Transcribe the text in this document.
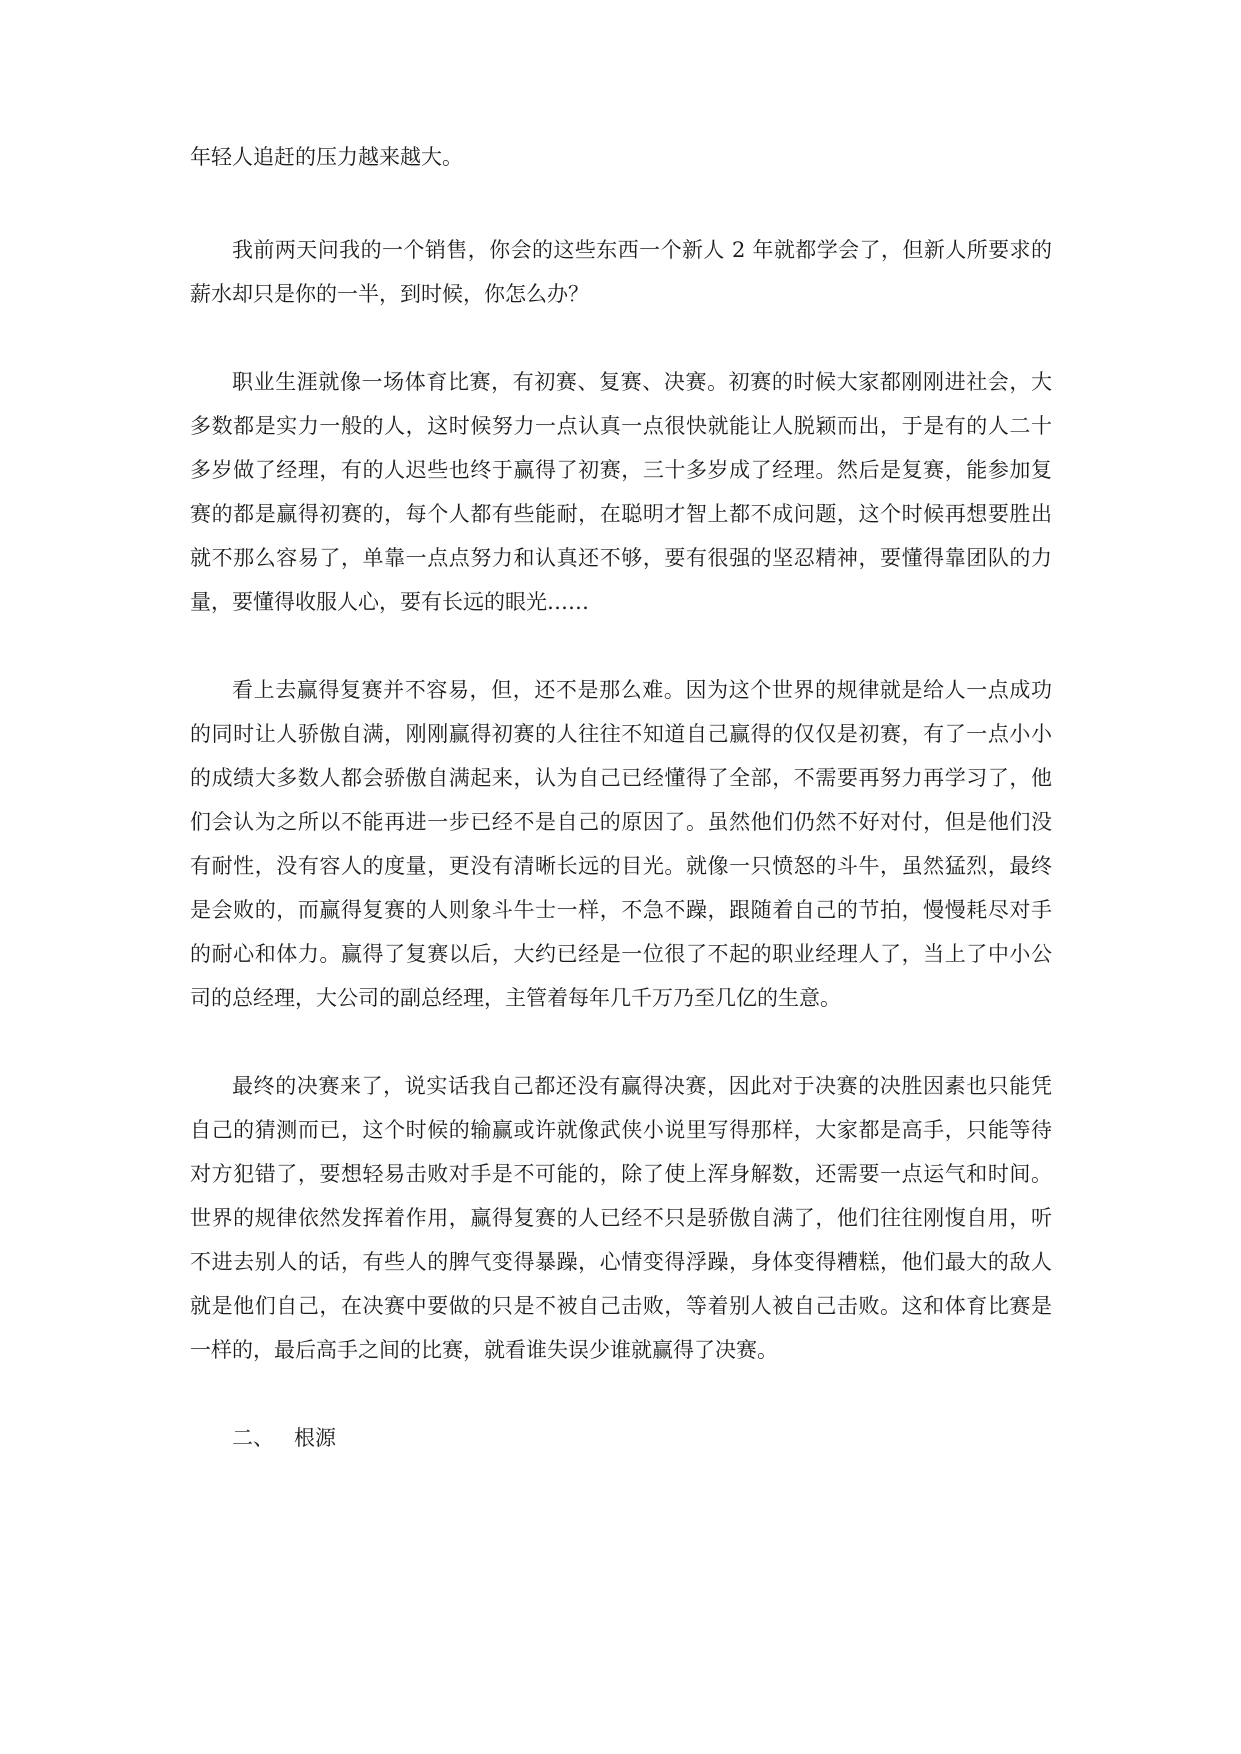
年轻人追赶的压力越来越大。
我前两天问我的一个销售，你会的这些东西一个新人 2 年就都学会了，但新人所要求的
薪水却只是你的一半，到时候，你怎么办？
职业生涯就像一场体育比赛，有初赛、复赛、决赛。初赛的时候大家都刚刚进社会，大
多数都是实力一般的人，这时候努力一点认真一点很快就能让人脱颖而出，于是有的人二十
多岁做了经理，有的人迟些也终于赢得了初赛，三十多岁成了经理。然后是复赛，能参加复
赛的都是赢得初赛的，每个人都有些能耐，在聪明才智上都不成问题，这个时候再想要胜出
就不那么容易了，单靠一点点努力和认真还不够，要有很强的坚忍精神，要懂得靠团队的力
量，要懂得收服人心，要有长远的眼光……
看上去赢得复赛并不容易，但，还不是那么难。因为这个世界的规律就是给人一点成功
的同时让人骄傲自满，刚刚赢得初赛的人往往不知道自己赢得的仅仅是初赛，有了一点小小
的成绩大多数人都会骄傲自满起来，认为自己已经懂得了全部，不需要再努力再学习了，他
们会认为之所以不能再进一步已经不是自己的原因了。虽然他们仍然不好对付，但是他们没
有耐性，没有容人的度量，更没有清晰长远的目光。就像一只愤怒的斗牛，虽然猛烈，最终
是会败的，而赢得复赛的人则象斗牛士一样，不急不躁，跟随着自己的节拍，慢慢耗尽对手
的耐心和体力。赢得了复赛以后，大约已经是一位很了不起的职业经理人了，当上了中小公
司的总经理，大公司的副总经理，主管着每年几千万乃至几亿的生意。
最终的决赛来了，说实话我自己都还没有赢得决赛，因此对于决赛的决胜因素也只能凭
自己的猜测而已，这个时候的输赢或许就像武侠小说里写得那样，大家都是高手，只能等待
对方犯错了，要想轻易击败对手是不可能的，除了使上浑身解数，还需要一点运气和时间。
世界的规律依然发挥着作用，赢得复赛的人已经不只是骄傲自满了，他们往往刚愎自用，听
不进去别人的话，有些人的脾气变得暴躁，心情变得浮躁，身体变得糟糕，他们最大的敌人
就是他们自己，在决赛中要做的只是不被自己击败，等着别人被自己击败。这和体育比赛是
一样的，最后高手之间的比赛，就看谁失误少谁就赢得了决赛。
二、 根源
